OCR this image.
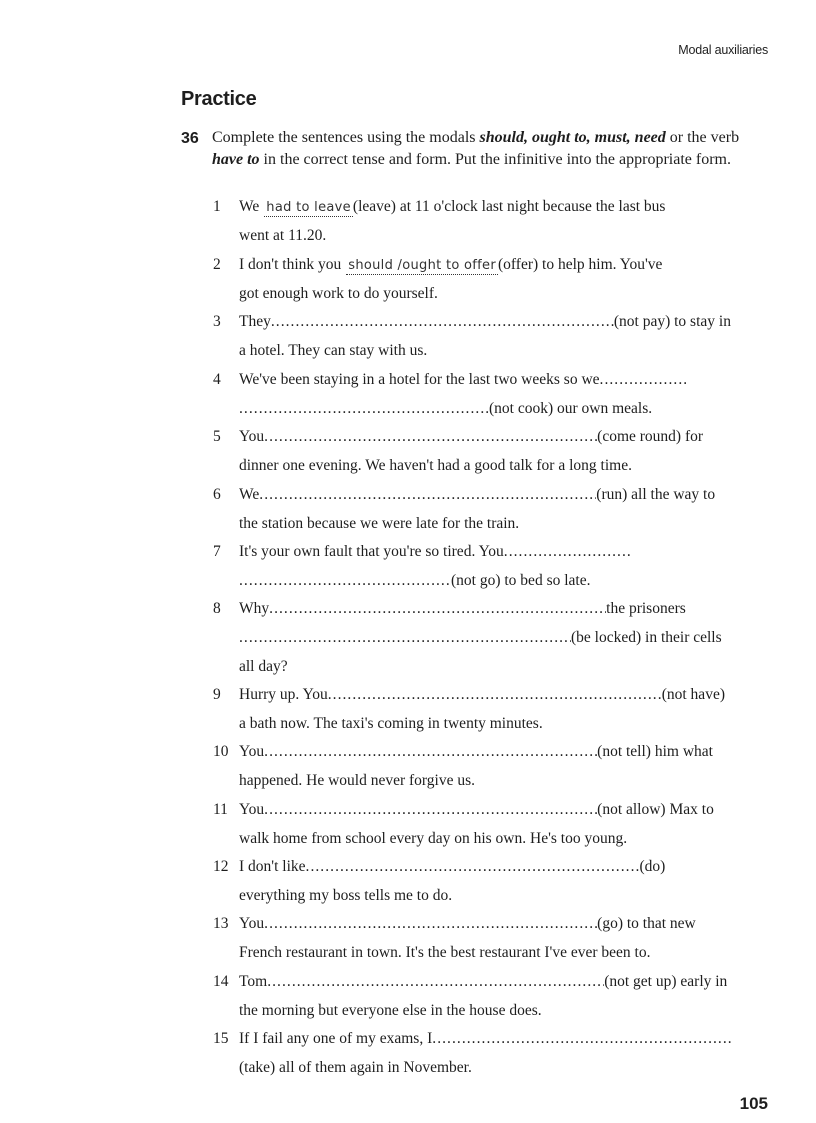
Modal auxiliaries
Practice
36 Complete the sentences using the modals should, ought to, must, need or the verb have to in the correct tense and form. Put the infinitive into the appropriate form.
1	We had to leave (leave) at 11 o'clock last night because the last bus
went at 11.20.
2	I don't think you should /ought to offer (offer) to help him. You've
got enough work to do yourself.
3	They .....	(not pay) to stay in
a hotel. They can stay with us.
4	We've been staying in a hotel for the last two weeks so we
.....
.....
(not cook) our own meals.
5	You .....	(come round) for
dinner one evening. We haven't had a good talk for a long time.
6	We .....	(run) all the way to
the station because we were late for the train.
7	It's your own fault that you're so tired. You
.....
.....
(not go) to bed so late.
8	Why .....	the prisoners
.....
(be locked) in their cells
all day?
9	Hurry up. You .....	(not have)
a bath now. The taxi's coming in twenty minutes.
10 You .....	(not tell) him what
happened. He would never forgive us.
11 You .....	(not allow) Max to
walk home from school every day on his own. He's too young.
12 I don't like .....	(do)
everything my boss tells me to do.
13 You .....	(go) to that new
French restaurant in town. It's the best restaurant I've ever been to.
14 Tom .....	(not get up) early in
the morning but everyone else in the house does.
15 If I fail any one of my exams, I
.....
(take) all of them again in November.
105
